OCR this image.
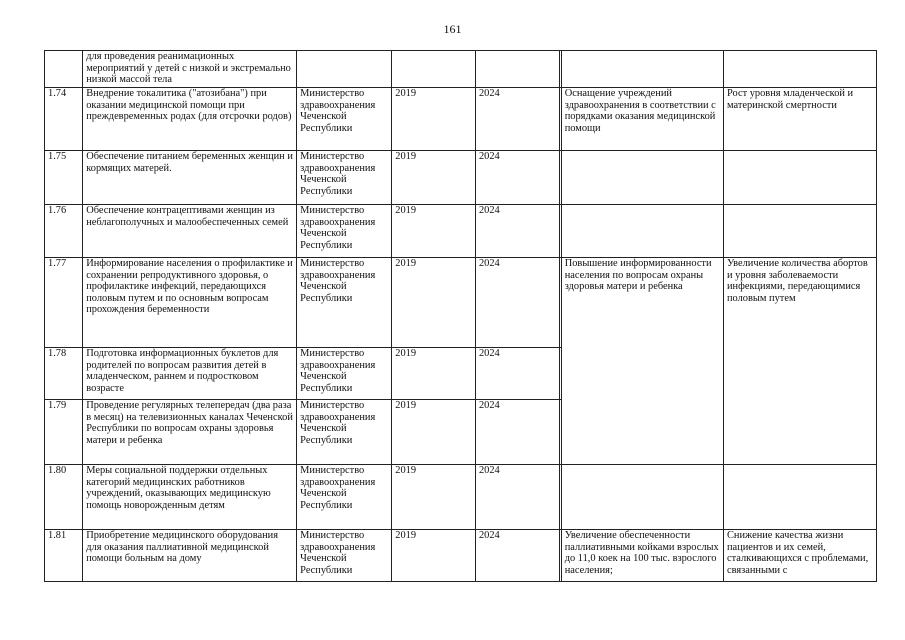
161
	для проведения реанимационных мероприятий у детей с низкой и экстремально низкой массой тела						
1.74	Внедрение токалитика ("атозибана") при оказании медицинской помощи при преждевременных родах (для отсрочки родов)	Министерство здравоохранения Чеченской Республики	2019	2024		Оснащение учреждений здравоохранения в соответствии с порядками оказания медицинской помощи	Рост уровня младенческой и материнской смертности
1.75	Обеспечение питанием беременных женщин и кормящих матерей.	Министерство здравоохранения Чеченской Республики	2019	2024			
1.76	Обеспечение контрацептивами женщин из неблагополучных и малообеспеченных семей	Министерство здравоохранения Чеченской Республики	2019	2024			
1.77	Информирование населения о профилактике и сохранении репродуктивного здоровья, о профилактике инфекций, передающихся половым путем и по основным вопросам прохождения беременности	Министерство здравоохранения Чеченской Республики	2019	2024		Повышение информированности населения по вопросам охраны здоровья матери и ребенка	Увеличение количества абортов и уровня заболеваемости инфекциями, передающимися половым путем
1.78	Подготовка информационных буклетов для родителей по вопросам развития детей в младенческом, раннем и подростковом возрасте	Министерство здравоохранения Чеченской Республики	2019	2024			
1.79	Проведение регулярных телепередач (два раза в месяц) на телевизионных каналах Чеченской Республики по вопросам охраны здоровья матери и ребенка	Министерство здравоохранения Чеченской Республики	2019	2024			
1.80	Меры социальной поддержки отдельных категорий медицинских работников учреждений, оказывающих медицинскую помощь новорожденным детям	Министерство здравоохранения Чеченской Республики	2019	2024			
1.81	Приобретение медицинского оборудования для оказания паллиативной медицинской помощи больным на дому	Министерство здравоохранения Чеченской Республики	2019	2024		Увеличение обеспеченности паллиативными койками взрослых до 11,0 коек на 100 тыс. взрослого населения;	Снижение качества жизни пациентов и их семей, сталкивающихся с проблемами, связанными с
